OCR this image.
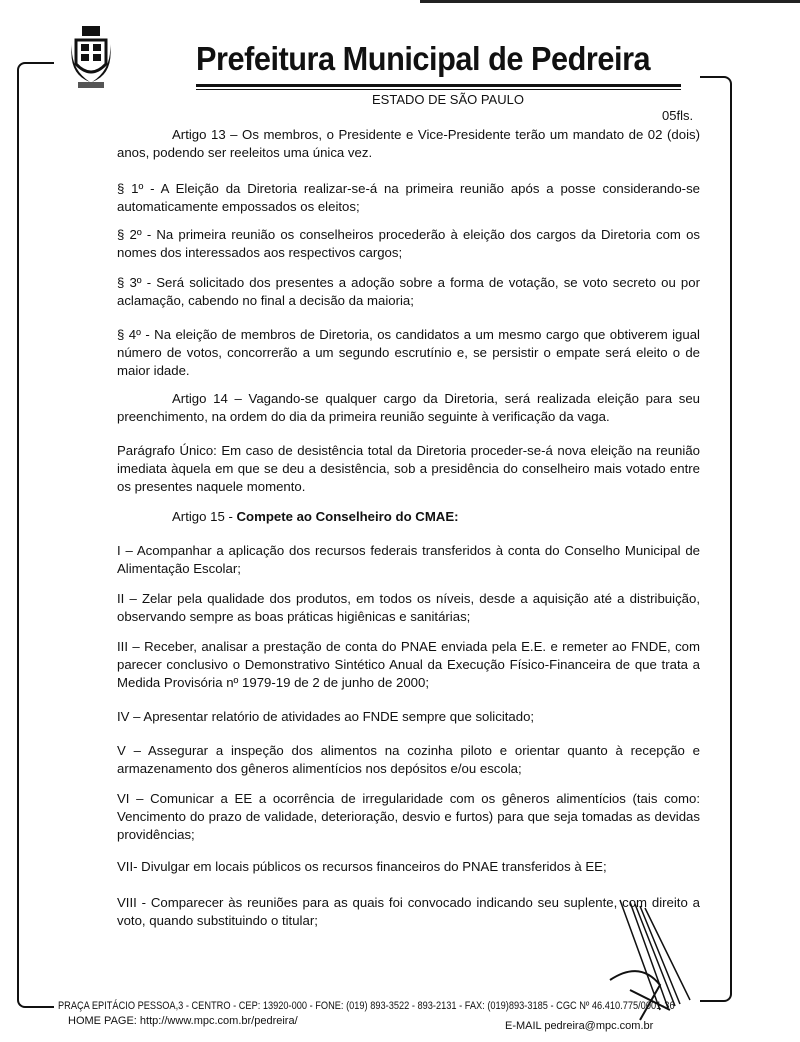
Prefeitura Municipal de Pedreira
ESTADO DE SÃO PAULO
05fls.
Artigo 13 – Os membros, o Presidente e Vice-Presidente terão um mandato de 02 (dois) anos, podendo ser reeleitos uma única vez.
§ 1º - A Eleição da Diretoria realizar-se-á na primeira reunião após a posse considerando-se automaticamente empossados os eleitos;
§ 2º - Na primeira reunião os conselheiros procederão à eleição dos cargos da Diretoria com os nomes dos interessados aos respectivos cargos;
§ 3º - Será solicitado dos presentes a adoção sobre a forma de votação, se voto secreto ou por aclamação, cabendo no final a decisão da maioria;
§ 4º - Na eleição de membros de Diretoria, os candidatos a um mesmo cargo que obtiverem igual número de votos, concorrerão a um segundo escrutínio e, se persistir o empate será eleito o de maior idade.
Artigo 14 – Vagando-se qualquer cargo da Diretoria, será realizada eleição para seu preenchimento, na ordem do dia da primeira reunião seguinte à verificação da vaga.
Parágrafo Único: Em caso de desistência total da Diretoria proceder-se-á nova eleição na reunião imediata àquela em que se deu a desistência, sob a presidência do conselheiro mais votado entre os presentes naquele momento.
Artigo 15 - Compete ao Conselheiro do CMAE:
I – Acompanhar a aplicação dos recursos federais transferidos à conta do Conselho Municipal de Alimentação Escolar;
II – Zelar pela qualidade dos produtos, em todos os níveis, desde a aquisição até a distribuição, observando sempre as boas práticas higiênicas e sanitárias;
III – Receber, analisar a prestação de conta do PNAE enviada pela E.E. e remeter ao FNDE, com parecer conclusivo o Demonstrativo Sintético Anual da Execução Físico-Financeira de que trata a Medida Provisória nº 1979-19 de 2 de junho de 2000;
IV – Apresentar relatório de atividades ao FNDE sempre que solicitado;
V – Assegurar a inspeção dos alimentos na cozinha piloto e orientar quanto à recepção e armazenamento dos gêneros alimentícios nos depósitos e/ou escola;
VI – Comunicar a EE a ocorrência de irregularidade com os gêneros alimentícios (tais como: Vencimento do prazo de validade, deterioração, desvio e furtos) para que seja tomadas as devidas providências;
VII- Divulgar em locais públicos os recursos financeiros do PNAE transferidos à EE;
VIII - Comparecer às reuniões para as quais foi convocado indicando seu suplente, com direito a voto, quando substituindo o titular;
PRAÇA EPITÁCIO PESSOA,3 - CENTRO - CEP: 13920-000 - FONE: (019) 893-3522 - 893-2131 - FAX: (019)893-3185 - CGC Nº 46.410.775/0001-36
HOME PAGE: http://www.mpc.com.br/pedreira/	E-MAIL pedreira@mpc.com.br
